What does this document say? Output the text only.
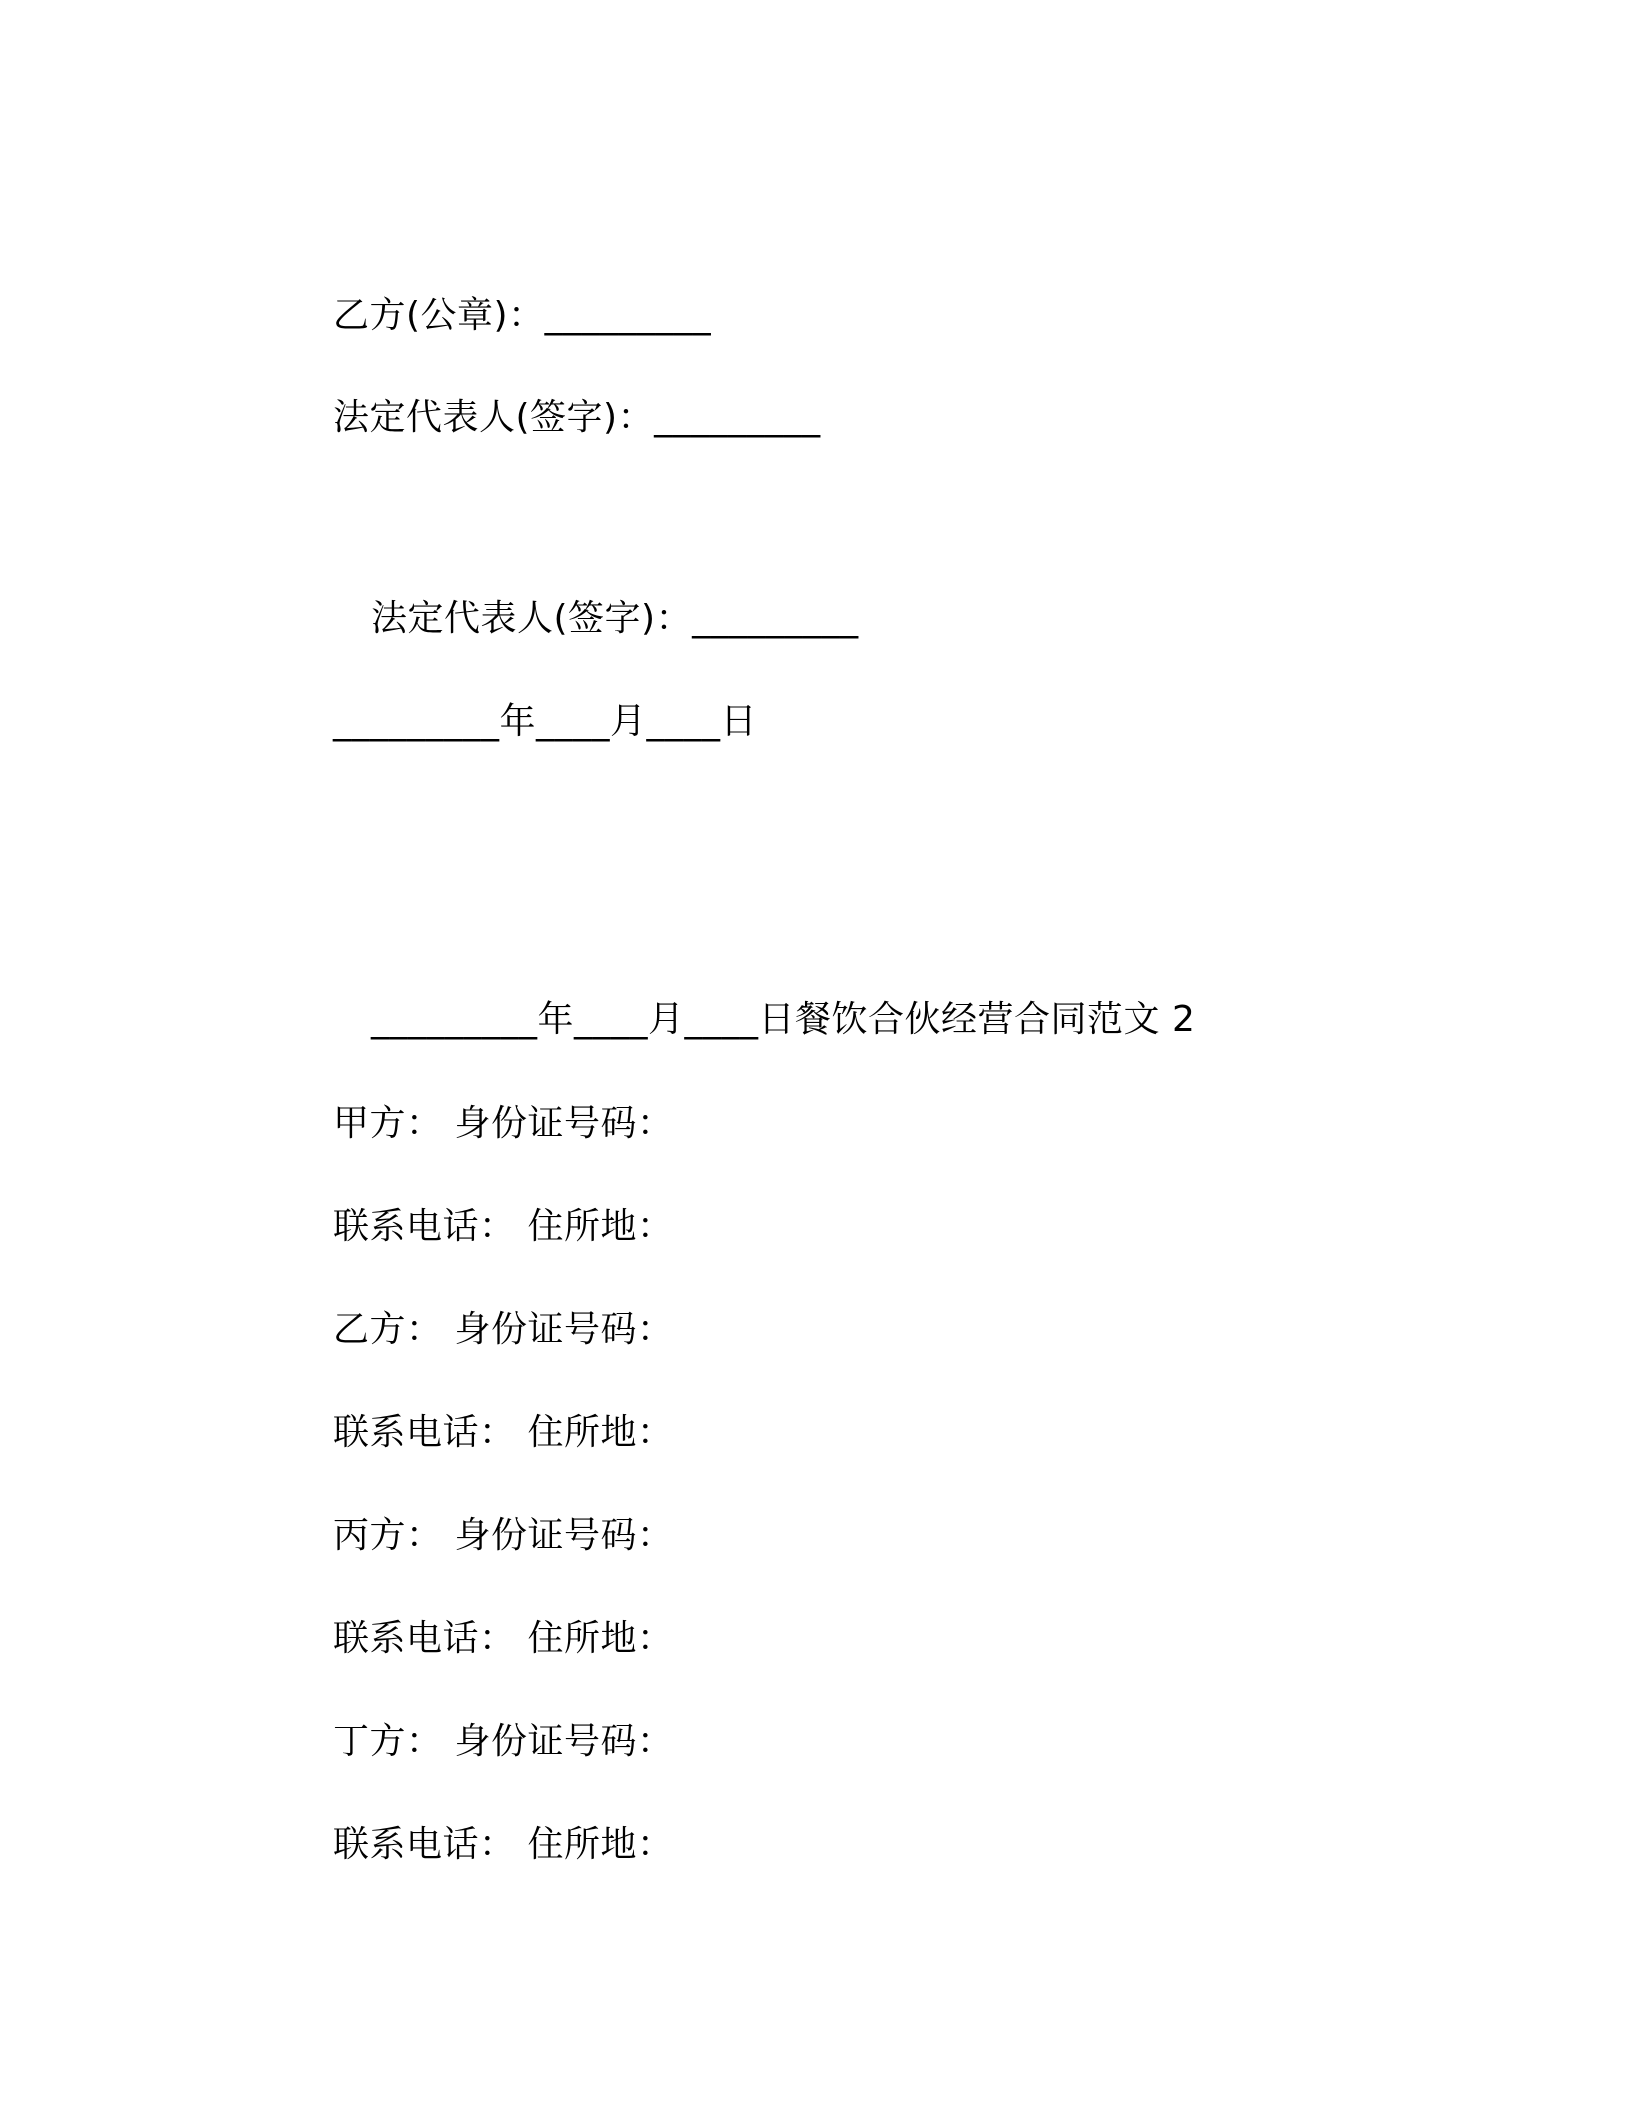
乙方(公章)：_________
法定代表人(签字)：_________
法定代表人(签字)：_________
_________年____月____日
_________年____月____日餐饮合伙经营合同范文 2
甲方： 身份证号码：
联系电话： 住所地：
乙方： 身份证号码：
联系电话： 住所地：
丙方： 身份证号码：
联系电话： 住所地：
丁方： 身份证号码：
联系电话： 住所地：
